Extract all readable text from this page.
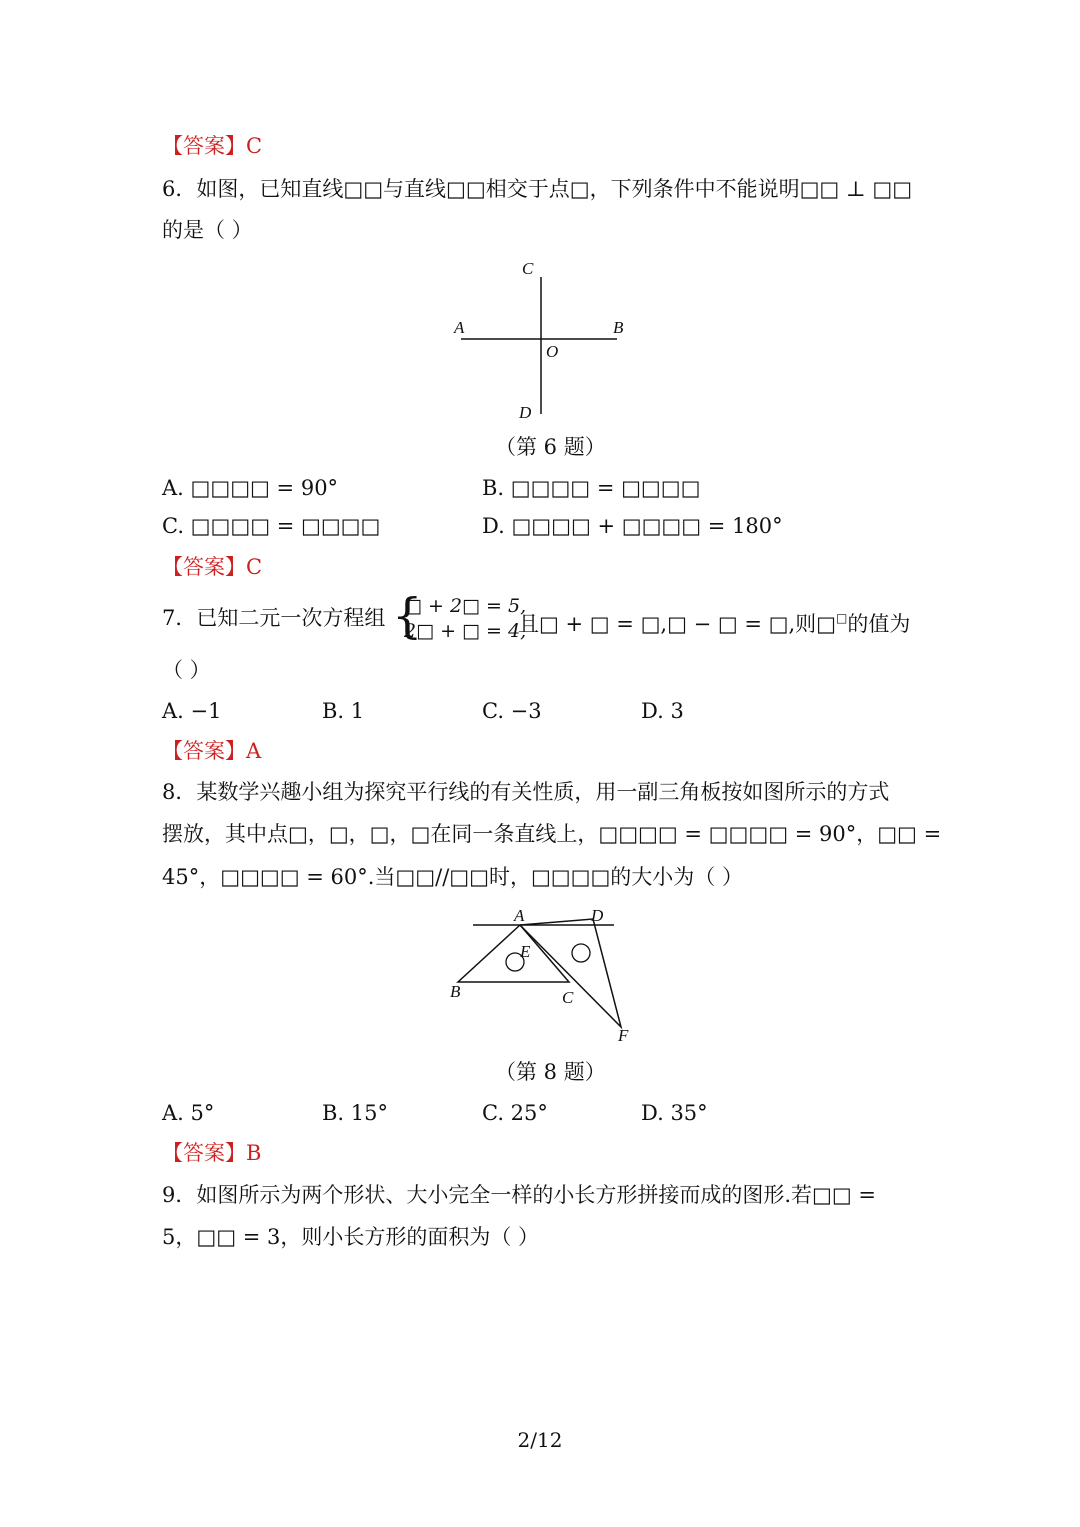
【答案】C
6．如图，已知直线□□与直线□□相交于点□，下列条件中不能说明□□ ⊥ □□
的是（ ）
C
A	B
O
D
（第 6 题）
A. □□□□ = 90°	B. □□□□ = □□□□
C. □□□□ = □□□□	D. □□□□ + □□□□ = 180°
【答案】C
7．已知二元一次方程组 {
□ + 2□ = 5,
2□ + □ = 4,
且□ + □ = □,□ − □ = □,则□□的值为
（ ）
A. −1	B. 1	C. −3	D. 3
【答案】A
8．某数学兴趣小组为探究平行线的有关性质，用一副三角板按如图所示的方式
摆放，其中点□，□，□，□在同一条直线上，□□□□ = □□□□ = 90°，□□ =
45°，□□□□ = 60°.当□□//□□时，□□□□的大小为（ ）
A	D
E
B	C
F
（第 8 题）
A. 5°	B. 15°	C. 25°	D. 35°
【答案】B
9．如图所示为两个形状、大小完全一样的小长方形拼接而成的图形.若□□ =
5，□□ = 3，则小长方形的面积为（ ）
2/12
